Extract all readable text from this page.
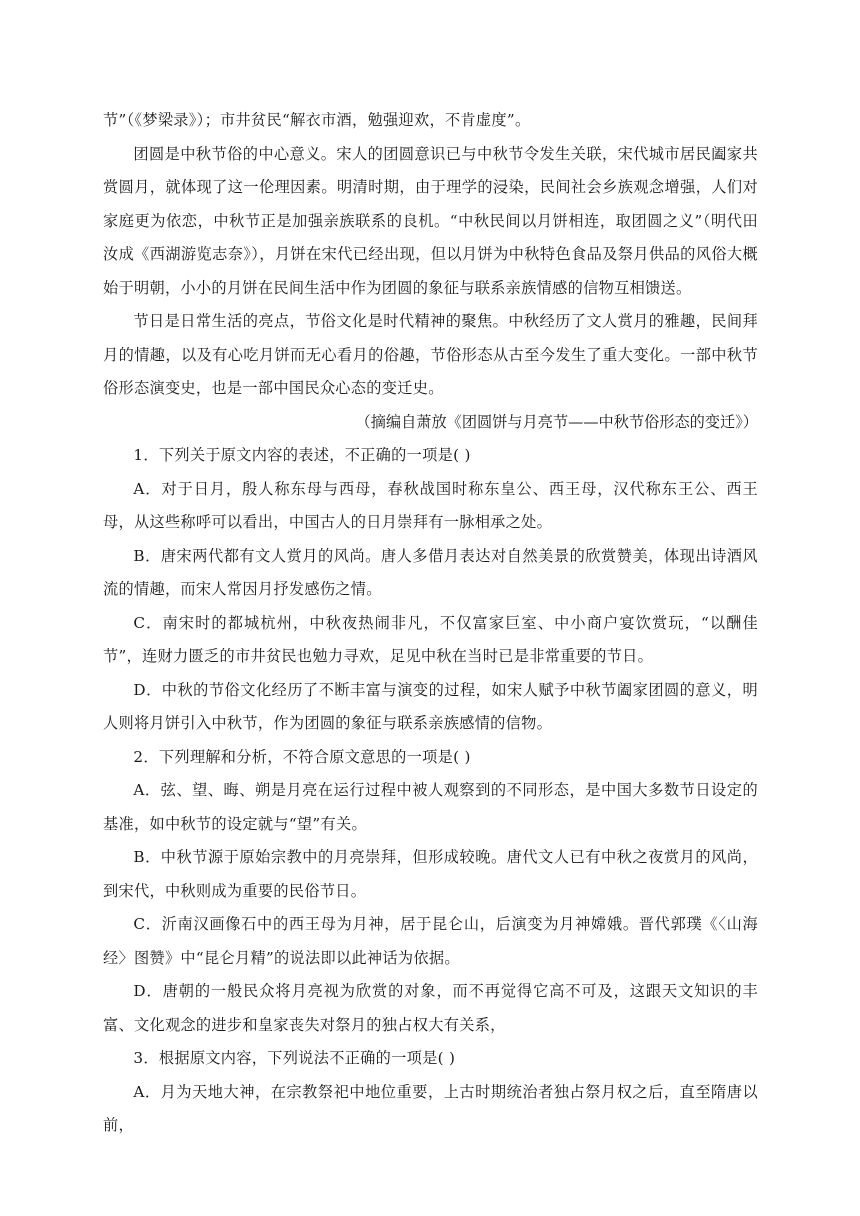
节”（《梦梁录》）；市井贫民“解衣市酒，勉强迎欢，不肯虚度”。

团圆是中秋节俗的中心意义。宋人的团圆意识已与中秋节令发生关联，宋代城市居民阖家共赏圆月，就体现了这一伦理因素。明清时期，由于理学的浸染，民间社会乡族观念增强，人们对家庭更为依恋，中秋节正是加强亲族联系的良机。“中秋民间以月饼相连，取团圆之义”（明代田汝成《西湖游览志奈》），月饼在宋代已经出现，但以月饼为中秋特色食品及祭月供品的风俗大概始于明朝，小小的月饼在民间生活中作为团圆的象征与联系亲族情感的信物互相馈送。

节日是日常生活的亮点，节俗文化是时代精神的聚焦。中秋经历了文人赏月的雅趣，民间拜月的情趣，以及有心吃月饼而无心看月的俗趣，节俗形态从古至今发生了重大变化。一部中秋节俗形态演变史，也是一部中国民众心态的变迁史。

（摘编自萧放《团圆饼与月亮节——中秋节俗形态的变迁》）

1．下列关于原文内容的表述，不正确的一项是( )

A．对于日月，殷人称东母与西母，春秋战国时称东皇公、西王母，汉代称东王公、西王母，从这些称呼可以看出，中国古人的日月崇拜有一脉相承之处。

B．唐宋两代都有文人赏月的风尚。唐人多借月表达对自然美景的欣赏赞美，体现出诗酒风流的情趣，而宋人常因月抒发感伤之情。

C．南宋时的都城杭州，中秋夜热闹非凡，不仅富家巨室、中小商户宴饮赏玩，“以酬佳节”，连财力匮乏的市井贫民也勉力寻欢，足见中秋在当时已是非常重要的节日。

D．中秋的节俗文化经历了不断丰富与演变的过程，如宋人赋予中秋节阖家团圆的意义，明人则将月饼引入中秋节，作为团圆的象征与联系亲族感情的信物。

2．下列理解和分析，不符合原文意思的一项是( )

A．弦、望、晦、朔是月亮在运行过程中被人观察到的不同形态，是中国大多数节日设定的基准，如中秋节的设定就与“望”有关。

B．中秋节源于原始宗教中的月亮崇拜，但形成较晚。唐代文人已有中秋之夜赏月的风尚，到宋代，中秋则成为重要的民俗节日。

C．沂南汉画像石中的西王母为月神，居于昆仑山，后演变为月神嫦娥。晋代郭璞《〈山海经〉图赞》中“昆仑月精”的说法即以此神话为依据。

D．唐朝的一般民众将月亮视为欣赏的对象，而不再觉得它高不可及，这跟天文知识的丰富、文化观念的进步和皇家丧失对祭月的独占权大有关系，

3．根据原文内容，下列说法不正确的一项是( )

A．月为天地大神，在宗教祭祀中地位重要，上古时期统治者独占祭月权之后，直至隋唐以前，
